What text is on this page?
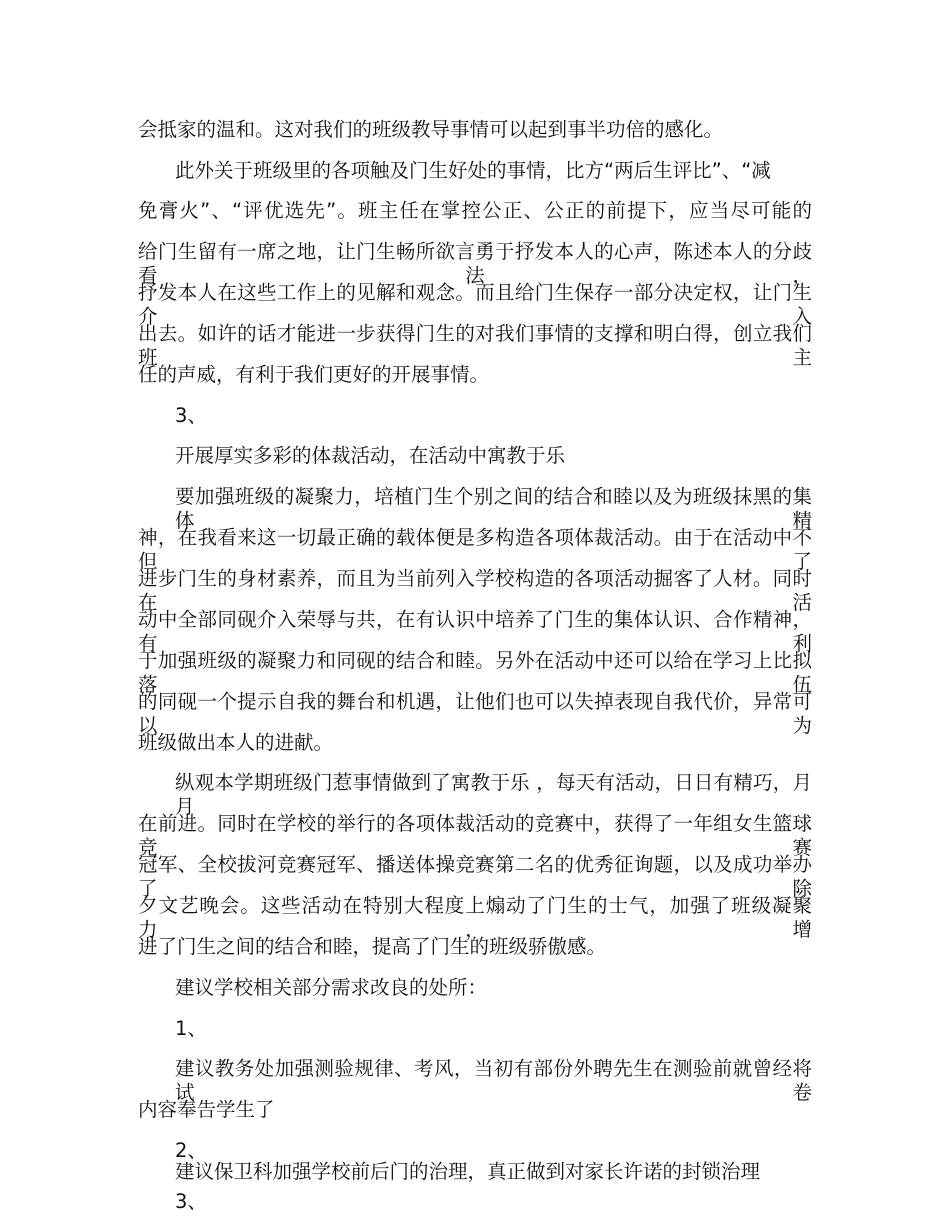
会抵家的温和。这对我们的班级教导事情可以起到事半功倍的感化。

此外关于班级里的各项触及门生好处的事情，比方“两后生评比”、“减

免膏火”、“评优选先”。班主任在掌控公正、公正的前提下，应当尽可能的

给门生留有一席之地，让门生畅所欲言勇于抒发本人的心声，陈述本人的分歧看法，

抒发本人在这些工作上的见解和观念。而且给门生保存一部分决定权，让门生介入

出去。如许的话才能进一步获得门生的对我们事情的支撑和明白得，创立我们班主

任的声威，有利于我们更好的开展事情。

3、

开展厚实多彩的体裁活动，在活动中寓教于乐

要加强班级的凝聚力，培植门生个别之间的结合和睦以及为班级抹黑的集体精

神，在我看来这一切最正确的载体便是多构造各项体裁活动。由于在活动中不但了

进步门生的身材素养，而且为当前列入学校构造的各项活动掘客了人材。同时在活

动中全部同砚介入荣辱与共，在有认识中培养了门生的集体认识、合作精神，有利

于加强班级的凝聚力和同砚的结合和睦。另外在活动中还可以给在学习上比拟落伍

的同砚一个提示自我的舞台和机遇，让他们也可以失掉表现自我代价，异常可以为

班级做出本人的进献。

纵观本学期班级门惹事情做到了寓教于乐 ，每天有活动，日日有精巧，月月

在前进。同时在学校的举行的各项体裁活动的竞赛中，获得了一年组女生篮球竞赛

冠军、全校拔河竞赛冠军、播送体操竞赛第二名的优秀征询题，以及成功举办了除

夕文艺晚会。这些活动在特别大程度上煽动了门生的士气，加强了班级凝聚力，增

进了门生之间的结合和睦，提高了门生的班级骄傲感。

建议学校相关部分需求改良的处所：

1、

建议教务处加强测验规律、考风，当初有部份外聘先生在测验前就曾经将试卷

内容奉告学生了

2、

建议保卫科加强学校前后门的治理，真正做到对家长许诺的封锁治理

3、
